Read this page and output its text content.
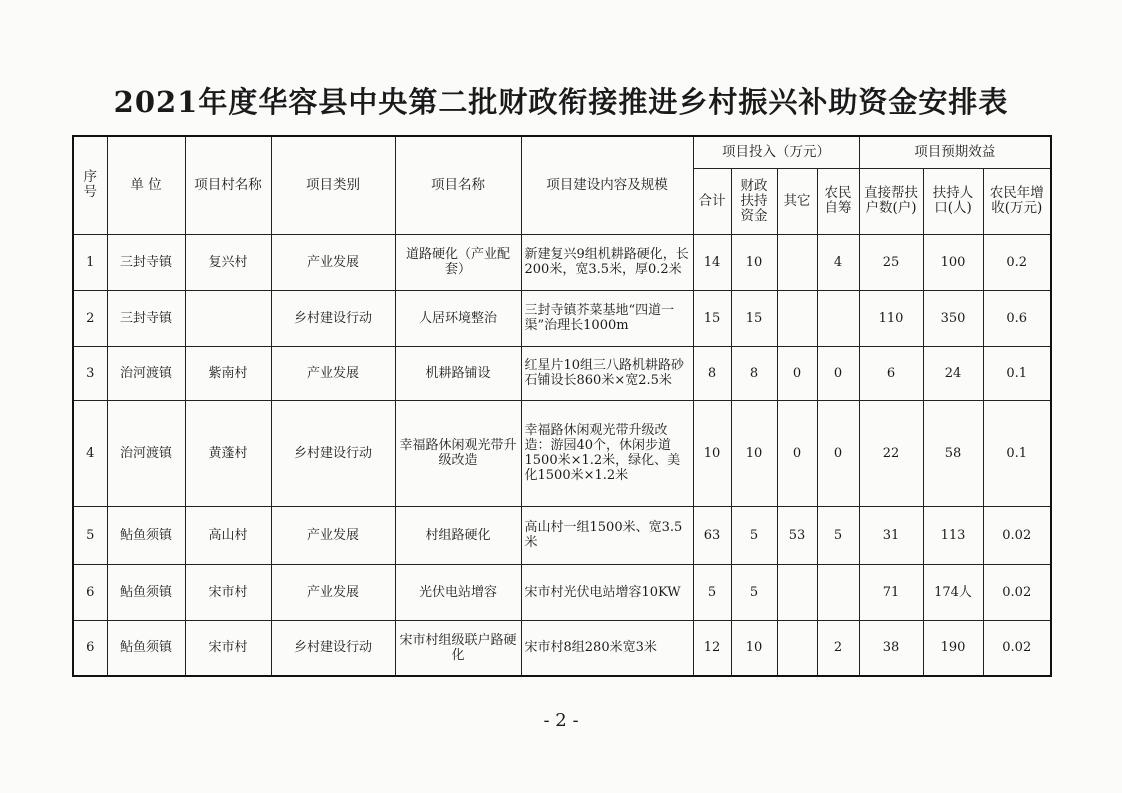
2021年度华容县中央第二批财政衔接推进乡村振兴补助资金安排表
序号	单 位	项目村名称	项目类别	项目名称	项目建设内容及规模	项目投入（万元）				项目预期效益		
						合计	财政扶持资金	其它	农民自筹	直接帮扶户数(户)	扶持人口(人)	农民年增收(万元)
1	三封寺镇	复兴村	产业发展	道路硬化（产业配套）	新建复兴9组机耕路硬化，长200米，宽3.5米，厚0.2米	14	10		4	25	100	0.2
2	三封寺镇		乡村建设行动	人居环境整治	三封寺镇芥菜基地“四道一渠”治理长1000m	15	15			110	350	0.6
3	治河渡镇	紫南村	产业发展	机耕路铺设	红星片10组三八路机耕路砂石铺设长860米×宽2.5米	8	8	0	0	6	24	0.1
4	治河渡镇	黄蓬村	乡村建设行动	幸福路休闲观光带升级改造	幸福路休闲观光带升级改造：游园40个，休闲步道1500米×1.2米，绿化、美化1500米×1.2米	10	10	0	0	22	58	0.1
5	鲇鱼须镇	高山村	产业发展	村组路硬化	高山村一组1500米、宽3.5米	63	5	53	5	31	113	0.02
6	鲇鱼须镇	宋市村	产业发展	光伏电站增容	宋市村光伏电站增容10KW	5	5			71	174人	0.02
6	鲇鱼须镇	宋市村	乡村建设行动	宋市村组级联户路硬化	宋市村8组280米宽3米	12	10		2	38	190	0.02
- 2 -
